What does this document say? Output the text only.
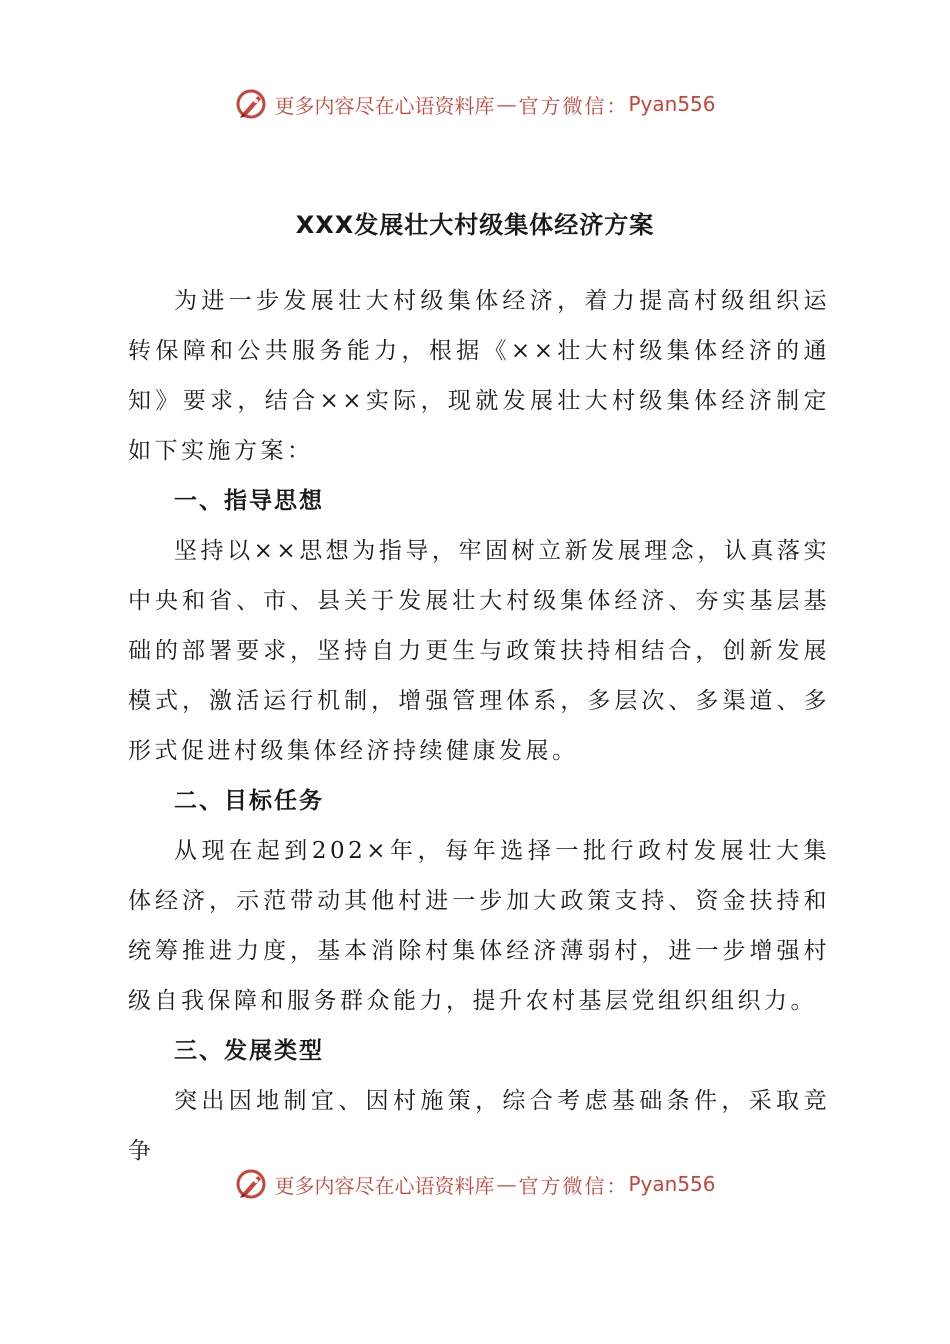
更多内容尽在心语资料库 — 官方微信： Pyan556
XXX发展壮大村级集体经济方案

为进一步发展壮大村级集体经济，着力提高村级组织运转保障和公共服务能力，根据《××壮大村级集体经济的通知》要求，结合××实际，现就发展壮大村级集体经济制定如下实施方案：

一、指导思想

坚持以××思想为指导，牢固树立新发展理念，认真落实中央和省、市、县关于发展壮大村级集体经济、夯实基层基础的部署要求，坚持自力更生与政策扶持相结合，创新发展模式，激活运行机制，增强管理体系，多层次、多渠道、多形式促进村级集体经济持续健康发展。

二、目标任务

从现在起到202×年，每年选择一批行政村发展壮大集体经济，示范带动其他村进一步加大政策支持、资金扶持和统筹推进力度，基本消除村集体经济薄弱村，进一步增强村级自我保障和服务群众能力，提升农村基层党组织组织力。

三、发展类型

突出因地制宜、因村施策，综合考虑基础条件，采取竞争

更多内容尽在心语资料库 — 官方微信： Pyan556
